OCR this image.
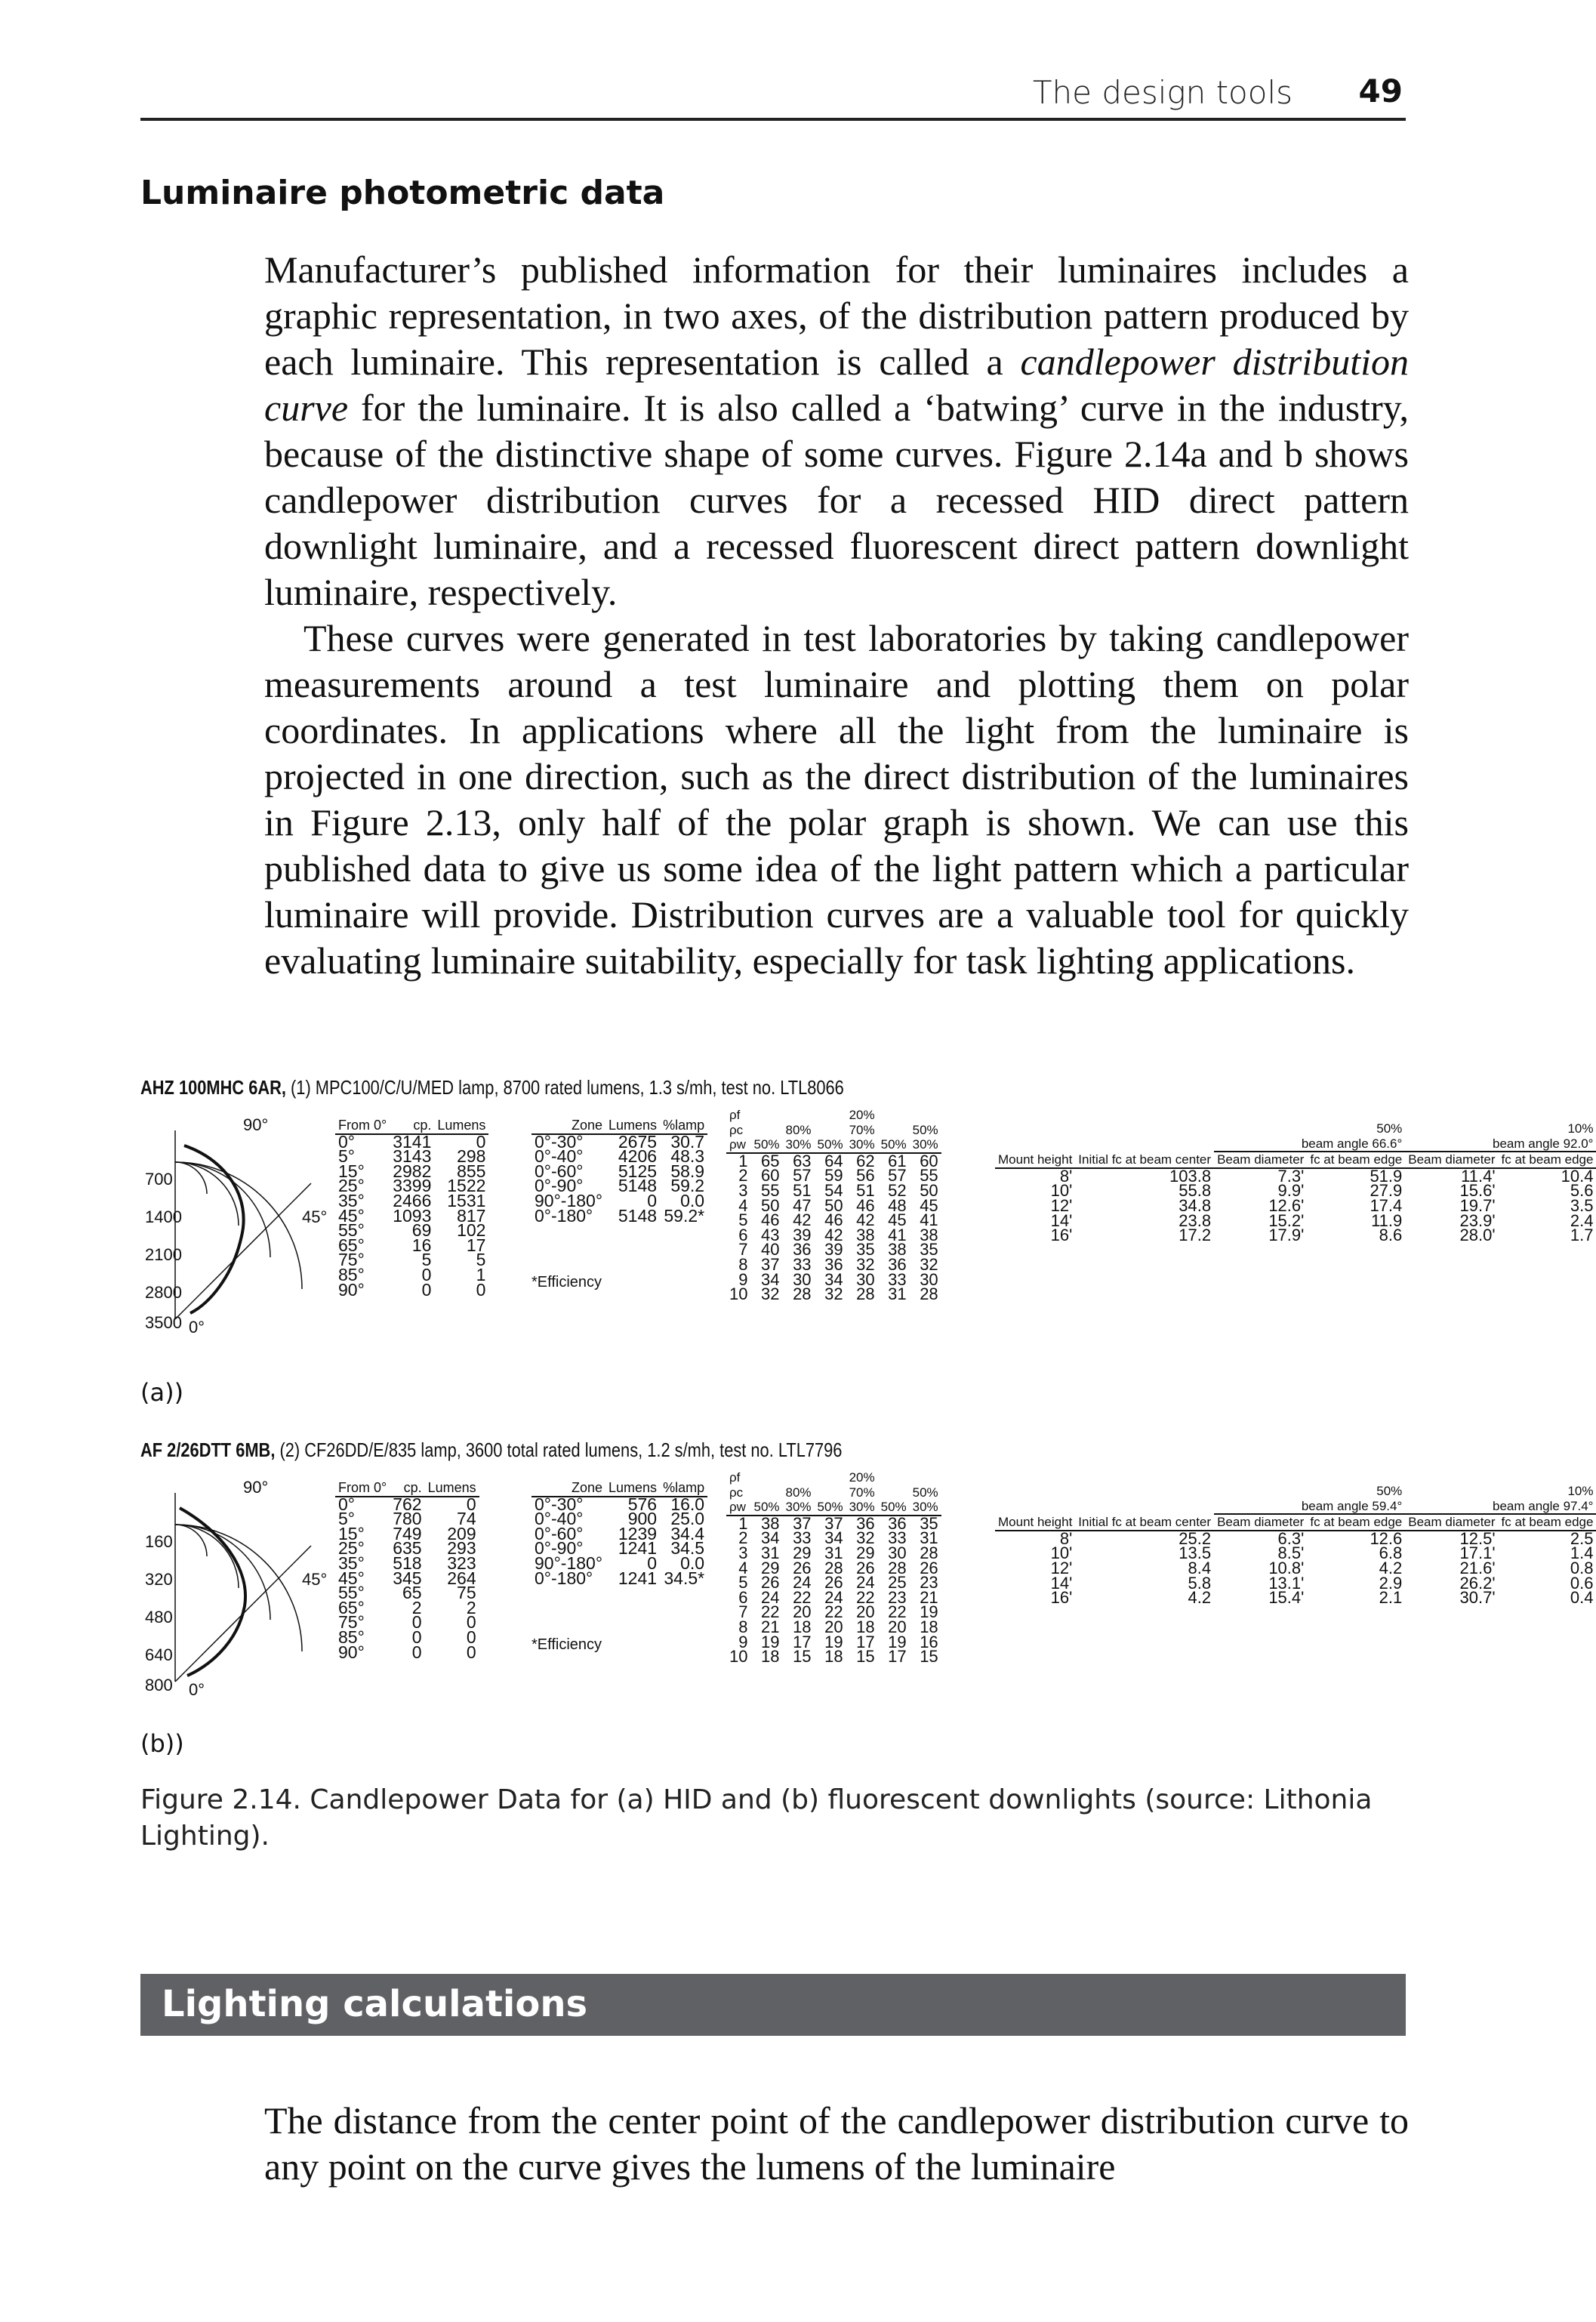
The design tools 49
Luminaire photometric data

Manufacturer’s published information for their luminaires includes a graphic representation, in two axes, of the distribution pattern produced by each luminaire. This representation is called a candlepower distribution curve for the luminaire. It is also called a ‘batwing’ curve in the industry, because of the distinctive shape of some curves. Figure 2.14a and b shows candlepower distribution curves for a recessed HID direct pattern downlight luminaire, and a recessed fluorescent direct pattern downlight luminaire, respectively.

These curves were generated in test laboratories by taking candlepower measurements around a test luminaire and plotting them on polar coordinates. In applications where all the light from the luminaire is projected in one direction, such as the direct distribution of the luminaires in Figure 2.13, only half of the polar graph is shown. We can use this published data to give us some idea of the light pattern which a particular luminaire will provide. Distribution curves are a valuable tool for quickly evaluating luminaire suitability, especially for task lighting applications.

AHZ 100MHC 6AR, (1) MPC100/C/U/MED lamp, 8700 rated lumens, 1.3 s/mh, test no. LTL8066
90°
45°
0°
700
1400
2100
2800
3500
From 0°	cp.	Lumens
0°	3141	0
5°	3143	298
15°	2982	855
25°	3399	1522
35°	2466	1531
45°	1093	817
55°	69	102
65°	16	17
75°	5	5
85°	0	1
90°	0	0
Zone	Lumens	%lamp
0°-30°	2675	30.7
0°-40°	4206	48.3
0°-60°	5125	58.9
0°-90°	5148	59.2
90°-180°	0	0.0
0°-180°	5148	59.2*
*Efficiency
ρf			20%			
ρc	80%		70%		50%	
ρw	50%	30%	50%	30%	50%	30%
1	65	63	64	62	61	60
2	60	57	59	56	57	55
3	55	51	54	51	52	50
4	50	47	50	46	48	45
5	46	42	46	42	45	41
6	43	39	42	38	41	38
7	40	36	39	35	38	35
8	37	33	36	32	36	32
9	34	30	34	30	33	30
10	32	28	32	28	31	28
		50%		10%	
		beam angle 66.6°		beam angle 92.0°	
Mount height	Initial fc at beam center	Beam diameter	fc at beam edge	Beam diameter	fc at beam edge
8'	103.8	7.3'	51.9	11.4'	10.4
10'	55.8	9.9'	27.9	15.6'	5.6
12'	34.8	12.6'	17.4	19.7'	3.5
14'	23.8	15.2'	11.9	23.9'	2.4
16'	17.2	17.9'	8.6	28.0'	1.7
(a))
AF 2/26DTT 6MB, (2) CF26DD/E/835 lamp, 3600 total rated lumens, 1.2 s/mh, test no. LTL7796
90°
45°
0°
160
320
480
640
800
From 0°	cp.	Lumens
0°	762	0
5°	780	74
15°	749	209
25°	635	293
35°	518	323
45°	345	264
55°	65	75
65°	2	2
75°	0	0
85°	0	0
90°	0	0
Zone	Lumens	%lamp
0°-30°	576	16.0
0°-40°	900	25.0
0°-60°	1239	34.4
0°-90°	1241	34.5
90°-180°	0	0.0
0°-180°	1241	34.5*
*Efficiency
ρf			20%			
ρc	80%		70%		50%	
ρw	50%	30%	50%	30%	50%	30%
1	38	37	37	36	36	35
2	34	33	34	32	33	31
3	31	29	31	29	30	28
4	29	26	28	26	28	26
5	26	24	26	24	25	23
6	24	22	24	22	23	21
7	22	20	22	20	22	19
8	21	18	20	18	20	18
9	19	17	19	17	19	16
10	18	15	18	15	17	15
		50%		10%	
		beam angle 59.4°		beam angle 97.4°	
Mount height	Initial fc at beam center	Beam diameter	fc at beam edge	Beam diameter	fc at beam edge
8'	25.2	6.3'	12.6	12.5'	2.5
10'	13.5	8.5'	6.8	17.1'	1.4
12'	8.4	10.8'	4.2	21.6'	0.8
14'	5.8	13.1'	2.9	26.2'	0.6
16'	4.2	15.4'	2.1	30.7'	0.4
(b))
Figure 2.14. Candlepower Data for (a) HID and (b) fluorescent downlights (source: Lithonia Lighting).
Lighting calculations

The distance from the center point of the candlepower distribution curve to any point on the curve gives the lumens of the luminaire
